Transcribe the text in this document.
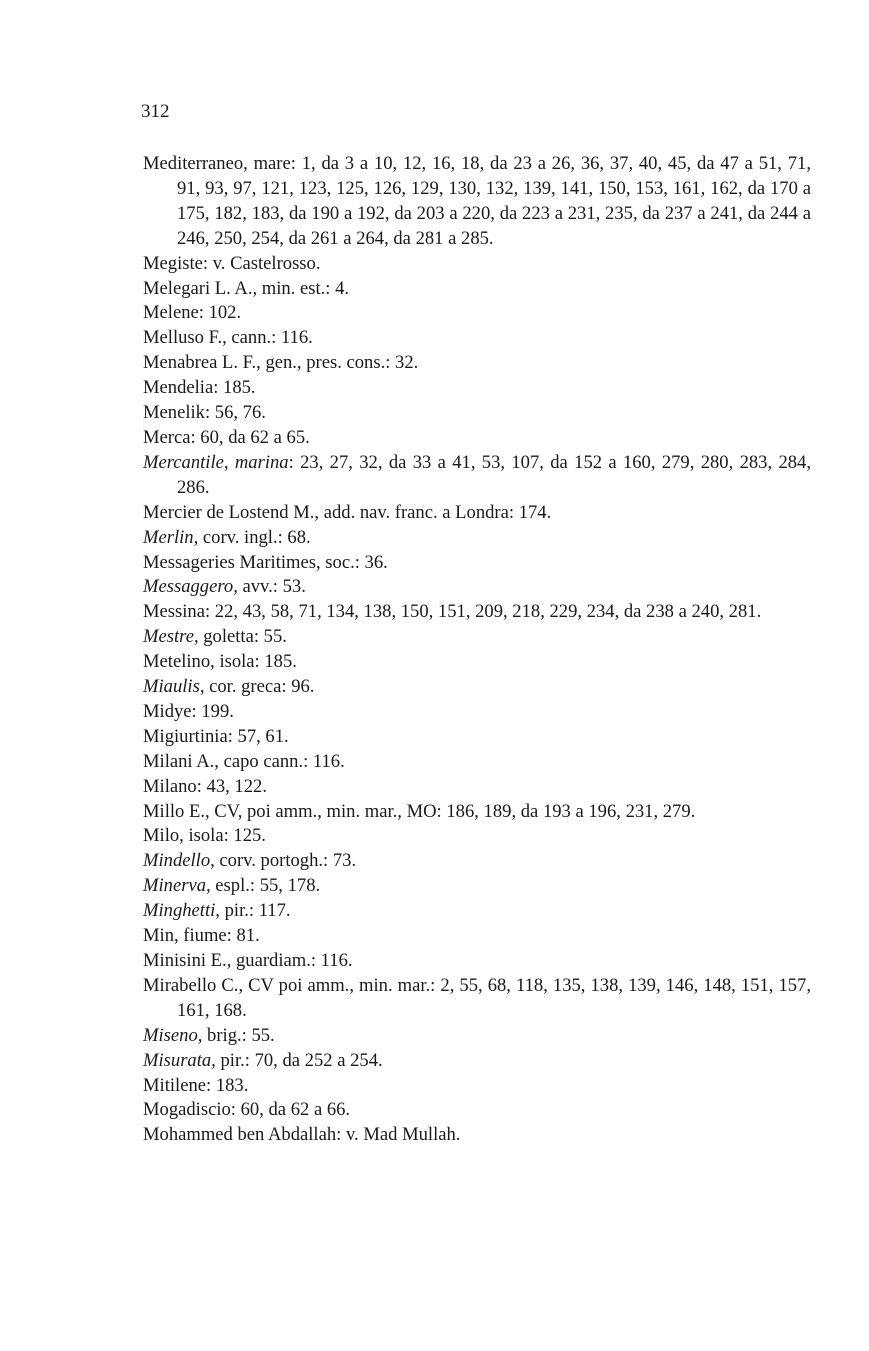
312
Mediterraneo, mare: 1, da 3 a 10, 12, 16, 18, da 23 a 26, 36, 37, 40, 45, da 47 a 51, 71, 91, 93, 97, 121, 123, 125, 126, 129, 130, 132, 139, 141, 150, 153, 161, 162, da 170 a 175, 182, 183, da 190 a 192, da 203 a 220, da 223 a 231, 235, da 237 a 241, da 244 a 246, 250, 254, da 261 a 264, da 281 a 285.
Megiste: v. Castelrosso.
Melegari L. A., min. est.: 4.
Melene: 102.
Melluso F., cann.: 116.
Menabrea L. F., gen., pres. cons.: 32.
Mendelia: 185.
Menelik: 56, 76.
Merca: 60, da 62 a 65.
Mercantile, marina: 23, 27, 32, da 33 a 41, 53, 107, da 152 a 160, 279, 280, 283, 284, 286.
Mercier de Lostend M., add. nav. franc. a Londra: 174.
Merlin, corv. ingl.: 68.
Messageries Maritimes, soc.: 36.
Messaggero, avv.: 53.
Messina: 22, 43, 58, 71, 134, 138, 150, 151, 209, 218, 229, 234, da 238 a 240, 281.
Mestre, goletta: 55.
Metelino, isola: 185.
Miaulis, cor. greca: 96.
Midye: 199.
Migiurtinia: 57, 61.
Milani A., capo cann.: 116.
Milano: 43, 122.
Millo E., CV, poi amm., min. mar., MO: 186, 189, da 193 a 196, 231, 279.
Milo, isola: 125.
Mindello, corv. portogh.: 73.
Minerva, espl.: 55, 178.
Minghetti, pir.: 117.
Min, fiume: 81.
Minisini E., guardiam.: 116.
Mirabello C., CV poi amm., min. mar.: 2, 55, 68, 118, 135, 138, 139, 146, 148, 151, 157, 161, 168.
Miseno, brig.: 55.
Misurata, pir.: 70, da 252 a 254.
Mitilene: 183.
Mogadiscio: 60, da 62 a 66.
Mohammed ben Abdallah: v. Mad Mullah.
